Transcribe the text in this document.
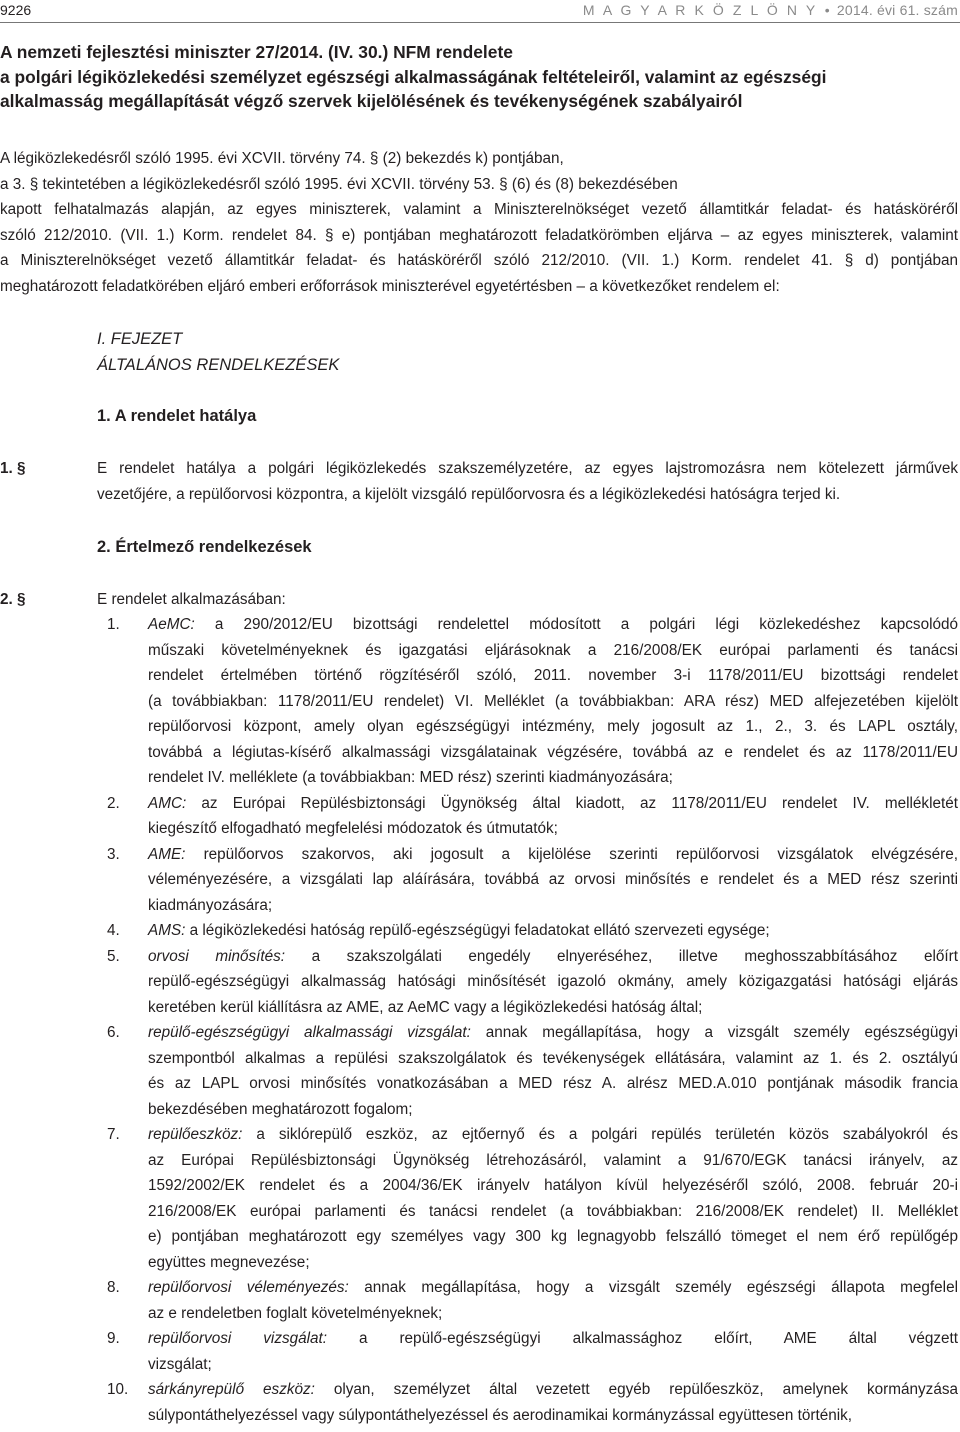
9226	M A G Y A R K Ö Z L Ö N Y • 2014. évi 61. szám
A nemzeti fejlesztési miniszter 27/2014. (IV. 30.) NFM rendelete
a polgári légiközlekedési személyzet egészségi alkalmasságának feltételeiről, valamint az egészségi
alkalmasság megállapítását végző szervek kijelölésének és tevékenységének szabályairól
A légiközlekedésről szóló 1995. évi XCVII. törvény 74. § (2) bekezdés k) pontjában,
a 3. § tekintetében a légiközlekedésről szóló 1995. évi XCVII. törvény 53. § (6) és (8) bekezdésében
kapott felhatalmazás alapján, az egyes miniszterek, valamint a Miniszterelnökséget vezető államtitkár feladat- és hatásköréről
szóló 212/2010. (VII. 1.) Korm. rendelet 84. § e) pontjában meghatározott feladatkörömben eljárva – az egyes miniszterek, valamint
a Miniszterelnökséget vezető államtitkár feladat- és hatásköréről szóló 212/2010. (VII. 1.) Korm. rendelet 41. § d) pontjában
meghatározott feladatkörében eljáró emberi erőforrások miniszterével egyetértésben – a következőket rendelem el:
I. FEJEZET
ÁLTALÁNOS RENDELKEZÉSEK
1. A rendelet hatálya
1. §	E rendelet hatálya a polgári légiközlekedés szakszemélyzetére, az egyes lajstromozásra nem kötelezett járművek
vezetőjére, a repülőorvosi központra, a kijelölt vizsgáló repülőorvosra és a légiközlekedési hatóságra terjed ki.
2. Értelmező rendelkezések
2. §	E rendelet alkalmazásában:
1. AeMC: a 290/2012/EU bizottsági rendelettel módosított a polgári légi közlekedéshez kapcsolódó
műszaki követelményeknek és igazgatási eljárásoknak a 216/2008/EK európai parlamenti és tanácsi
rendelet értelmében történő rögzítéséről szóló, 2011. november 3-i 1178/2011/EU bizottsági rendelet
(a továbbiakban: 1178/2011/EU rendelet) VI. Melléklet (a továbbiakban: ARA rész) MED alfejezetében kijelölt
repülőorvosi központ, amely olyan egészségügyi intézmény, mely jogosult az 1., 2., 3. és LAPL osztály,
továbbá a légiutas-kísérő alkalmassági vizsgálatainak végzésére, továbbá az e rendelet és az 1178/2011/EU
rendelet IV. melléklete (a továbbiakban: MED rész) szerinti kiadmányozására;
2. AMC: az Európai Repülésbiztonsági Ügynökség által kiadott, az 1178/2011/EU rendelet IV. mellékletét
kiegészítő elfogadható megfelelési módozatok és útmutatók;
3. AME: repülőorvos szakorvos, aki jogosult a kijelölése szerinti repülőorvosi vizsgálatok elvégzésére,
véleményezésére, a vizsgálati lap aláírására, továbbá az orvosi minősítés e rendelet és a MED rész szerinti
kiadmányozására;
4. AMS: a légiközlekedési hatóság repülő-egészségügyi feladatokat ellátó szervezeti egysége;
5. orvosi minősítés: a szakszolgálati engedély elnyeréséhez, illetve meghosszabbításához előírt
repülő-egészségügyi alkalmasság hatósági minősítését igazoló okmány, amely közigazgatási hatósági eljárás
keretében kerül kiállításra az AME, az AeMC vagy a légiközlekedési hatóság által;
6. repülő-egészségügyi alkalmassági vizsgálat: annak megállapítása, hogy a vizsgált személy egészségügyi
szempontból alkalmas a repülési szakszolgálatok és tevékenységek ellátására, valamint az 1. és 2. osztályú
és az LAPL orvosi minősítés vonatkozásában a MED rész A. alrész MED.A.010 pontjának második francia
bekezdésében meghatározott fogalom;
7. repülőeszköz: a siklórepülő eszköz, az ejtőernyő és a polgári repülés területén közös szabályokról és
az Európai Repülésbiztonsági Ügynökség létrehozásáról, valamint a 91/670/EGK tanácsi irányelv, az
1592/2002/EK rendelet és a 2004/36/EK irányelv hatályon kívül helyezéséről szóló, 2008. február 20-i
216/2008/EK európai parlamenti és tanácsi rendelet (a továbbiakban: 216/2008/EK rendelet) II. Melléklet
e) pontjában meghatározott egy személyes vagy 300 kg legnagyobb felszálló tömeget el nem érő repülőgép
együttes megnevezése;
8. repülőorvosi véleményezés: annak megállapítása, hogy a vizsgált személy egészségi állapota megfelel
az e rendeletben foglalt követelményeknek;
9. repülőorvosi vizsgálat: a repülő-egészségügyi alkalmassághoz előírt, AME által végzett
vizsgálat;
10. sárkányrepülő eszköz: olyan, személyzet által vezetett egyéb repülőeszköz, amelynek kormányzása
súlypontáthelyezéssel vagy súlypontáthelyezéssel és aerodinamikai kormányzással együttesen történik,
